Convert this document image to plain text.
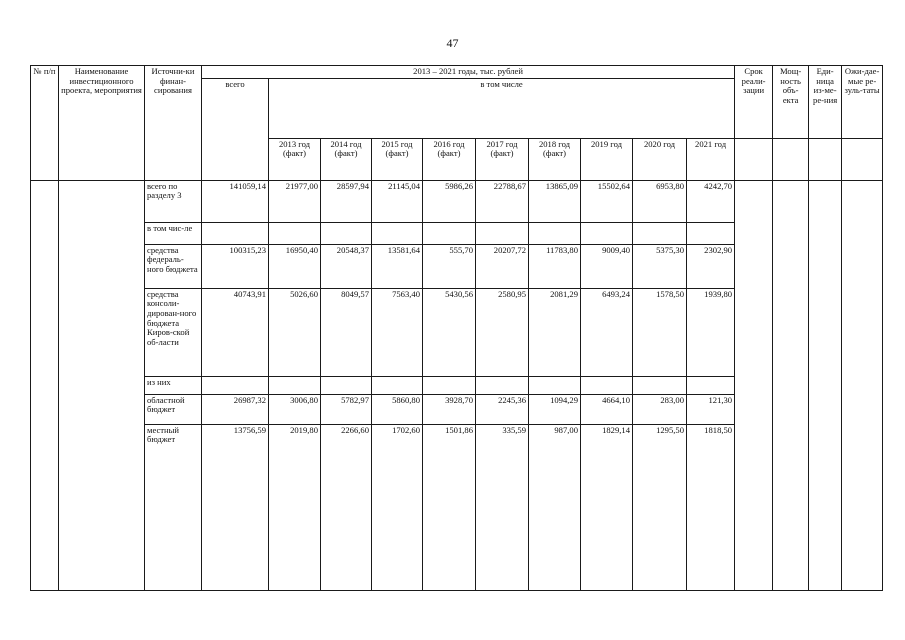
47
№ п/п	Наименование инвестиционного проекта, мероприятия	Источни-ки финан-сирования	2013 – 2021 годы, тыс. рублей										Срок реали-зации	Мощ-ность объ-екта	Еди-ница из-ме-ре-ния	Ожи-дае-мые ре-зуль-таты
			всего	в том числе												
				2013 год (факт)	2014 год (факт)	2015 год (факт)	2016 год (факт)	2017 год (факт)	2018 год (факт)	2019 год	2020 год	2021 год				
		всего по разделу 3	141059,14	21977,00	28597,94	21145,04	5986,26	22788,67	13865,09	15502,64	6953,80	4242,70				
		в том чис-ле														
		средства федераль-ного бюджета	100315,23	16950,40	20548,37	13581,64	555,70	20207,72	11783,80	9009,40	5375,30	2302,90				
		средства консоли-дирован-ного бюджета Киров-ской об-ласти	40743,91	5026,60	8049,57	7563,40	5430,56	2580,95	2081,29	6493,24	1578,50	1939,80				
		из них														
		областной бюджет	26987,32	3006,80	5782,97	5860,80	3928,70	2245,36	1094,29	4664,10	283,00	121,30				
		местный бюджет	13756,59	2019,80	2266,60	1702,60	1501,86	335,59	987,00	1829,14	1295,50	1818,50				
